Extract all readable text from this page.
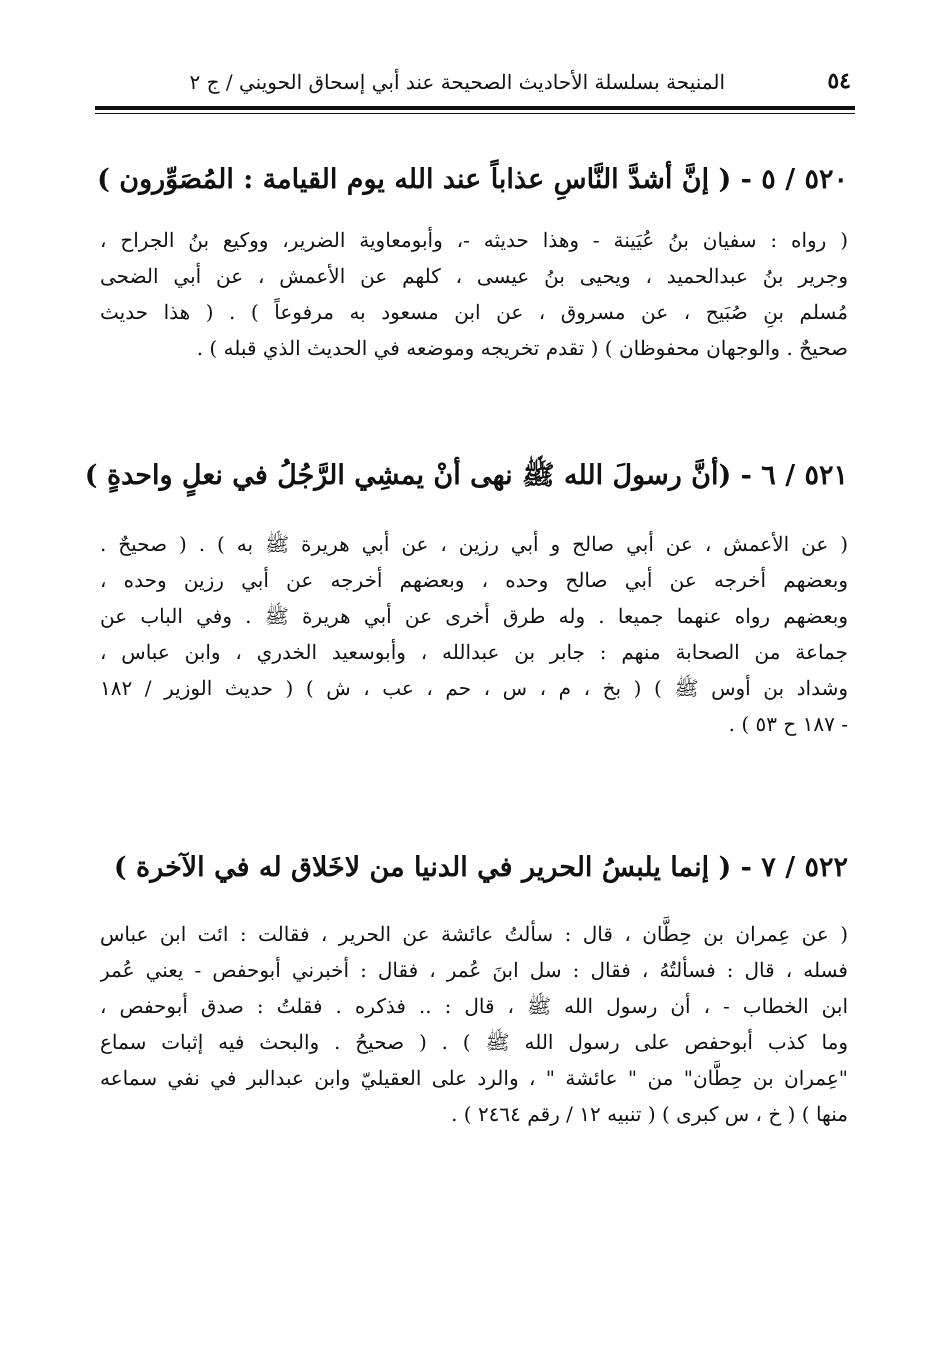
المنيحة بسلسلة الأحاديث الصحيحة عند أبي إسحاق الحويني / ج ٢	٥٤
٥٢٠ / ٥ - ( إنَّ أشدَّ النَّاسِ عذاباً عند الله يوم القيامة : المُصَوِّرون )
( رواه : سفيان بنُ عُيَينة - وهذا حديثه -، وأبومعاوية الضرير، ووكيع بنُ الجراح ،
وجرير بنُ عبدالحميد ، ويحيى بنُ عيسى ، كلهم عن الأعمش ، عن أبي الضحى
مُسلم بنِ صُبَيح ، عن مسروق ، عن ابن مسعود به مرفوعاً ) . ( هذا حديث
صحيحٌ . والوجهان محفوظان ) ( تقدم تخريجه وموضعه في الحديث الذي قبله ) .
٥٢١ / ٦ - (أنَّ رسولَ الله ﷺ نهى أنْ يمشِي الرَّجُلُ في نعلٍ واحدةٍ )
( عن الأعمش ، عن أبي صالح و أبي رزين ، عن أبي هريرة ﷺ به ) . ( صحيحٌ .
وبعضهم أخرجه عن أبي صالح وحده ، وبعضهم أخرجه عن أبي رزين وحده ،
وبعضهم رواه عنهما جميعا . وله طرق أخرى عن أبي هريرة ﷺ . وفي الباب عن
جماعة من الصحابة منهم : جابر بن عبدالله ، وأبوسعيد الخدري ، وابن عباس ،
وشداد بن أوس ﷺ ) ( بخ ، م ، س ، حم ، عب ، ش ) ( حديث الوزير / ١٨٢
- ١٨٧ ح ٥٣ ) .
٥٢٢ / ٧ - ( إنما يلبسُ الحرير في الدنيا من لاخَلاق له في الآخرة )
( عن عِمران بن حِطَّان ، قال : سألتُ عائشة عن الحرير ، فقالت : ائت ابن عباس
فسله ، قال : فسألتُهُ ، فقال : سل ابنَ عُمر ، فقال : أخبرني أبوحفص - يعني عُمر
ابن الخطاب - ، أن رسول الله ﷺ ، قال : .. فذكره . فقلتُ : صدق أبوحفص ،
وما كذب أبوحفص على رسول الله ﷺ ) . ( صحيحُ . والبحث فيه إثبات سماع
"عِمران بن حِطَّان" من " عائشة " ، والرد على العقيليّ وابن عبدالبر في نفي سماعه
منها ) ( خ ، س كبرى ) ( تنبيه ١٢ / رقم ٢٤٦٤ ) .
